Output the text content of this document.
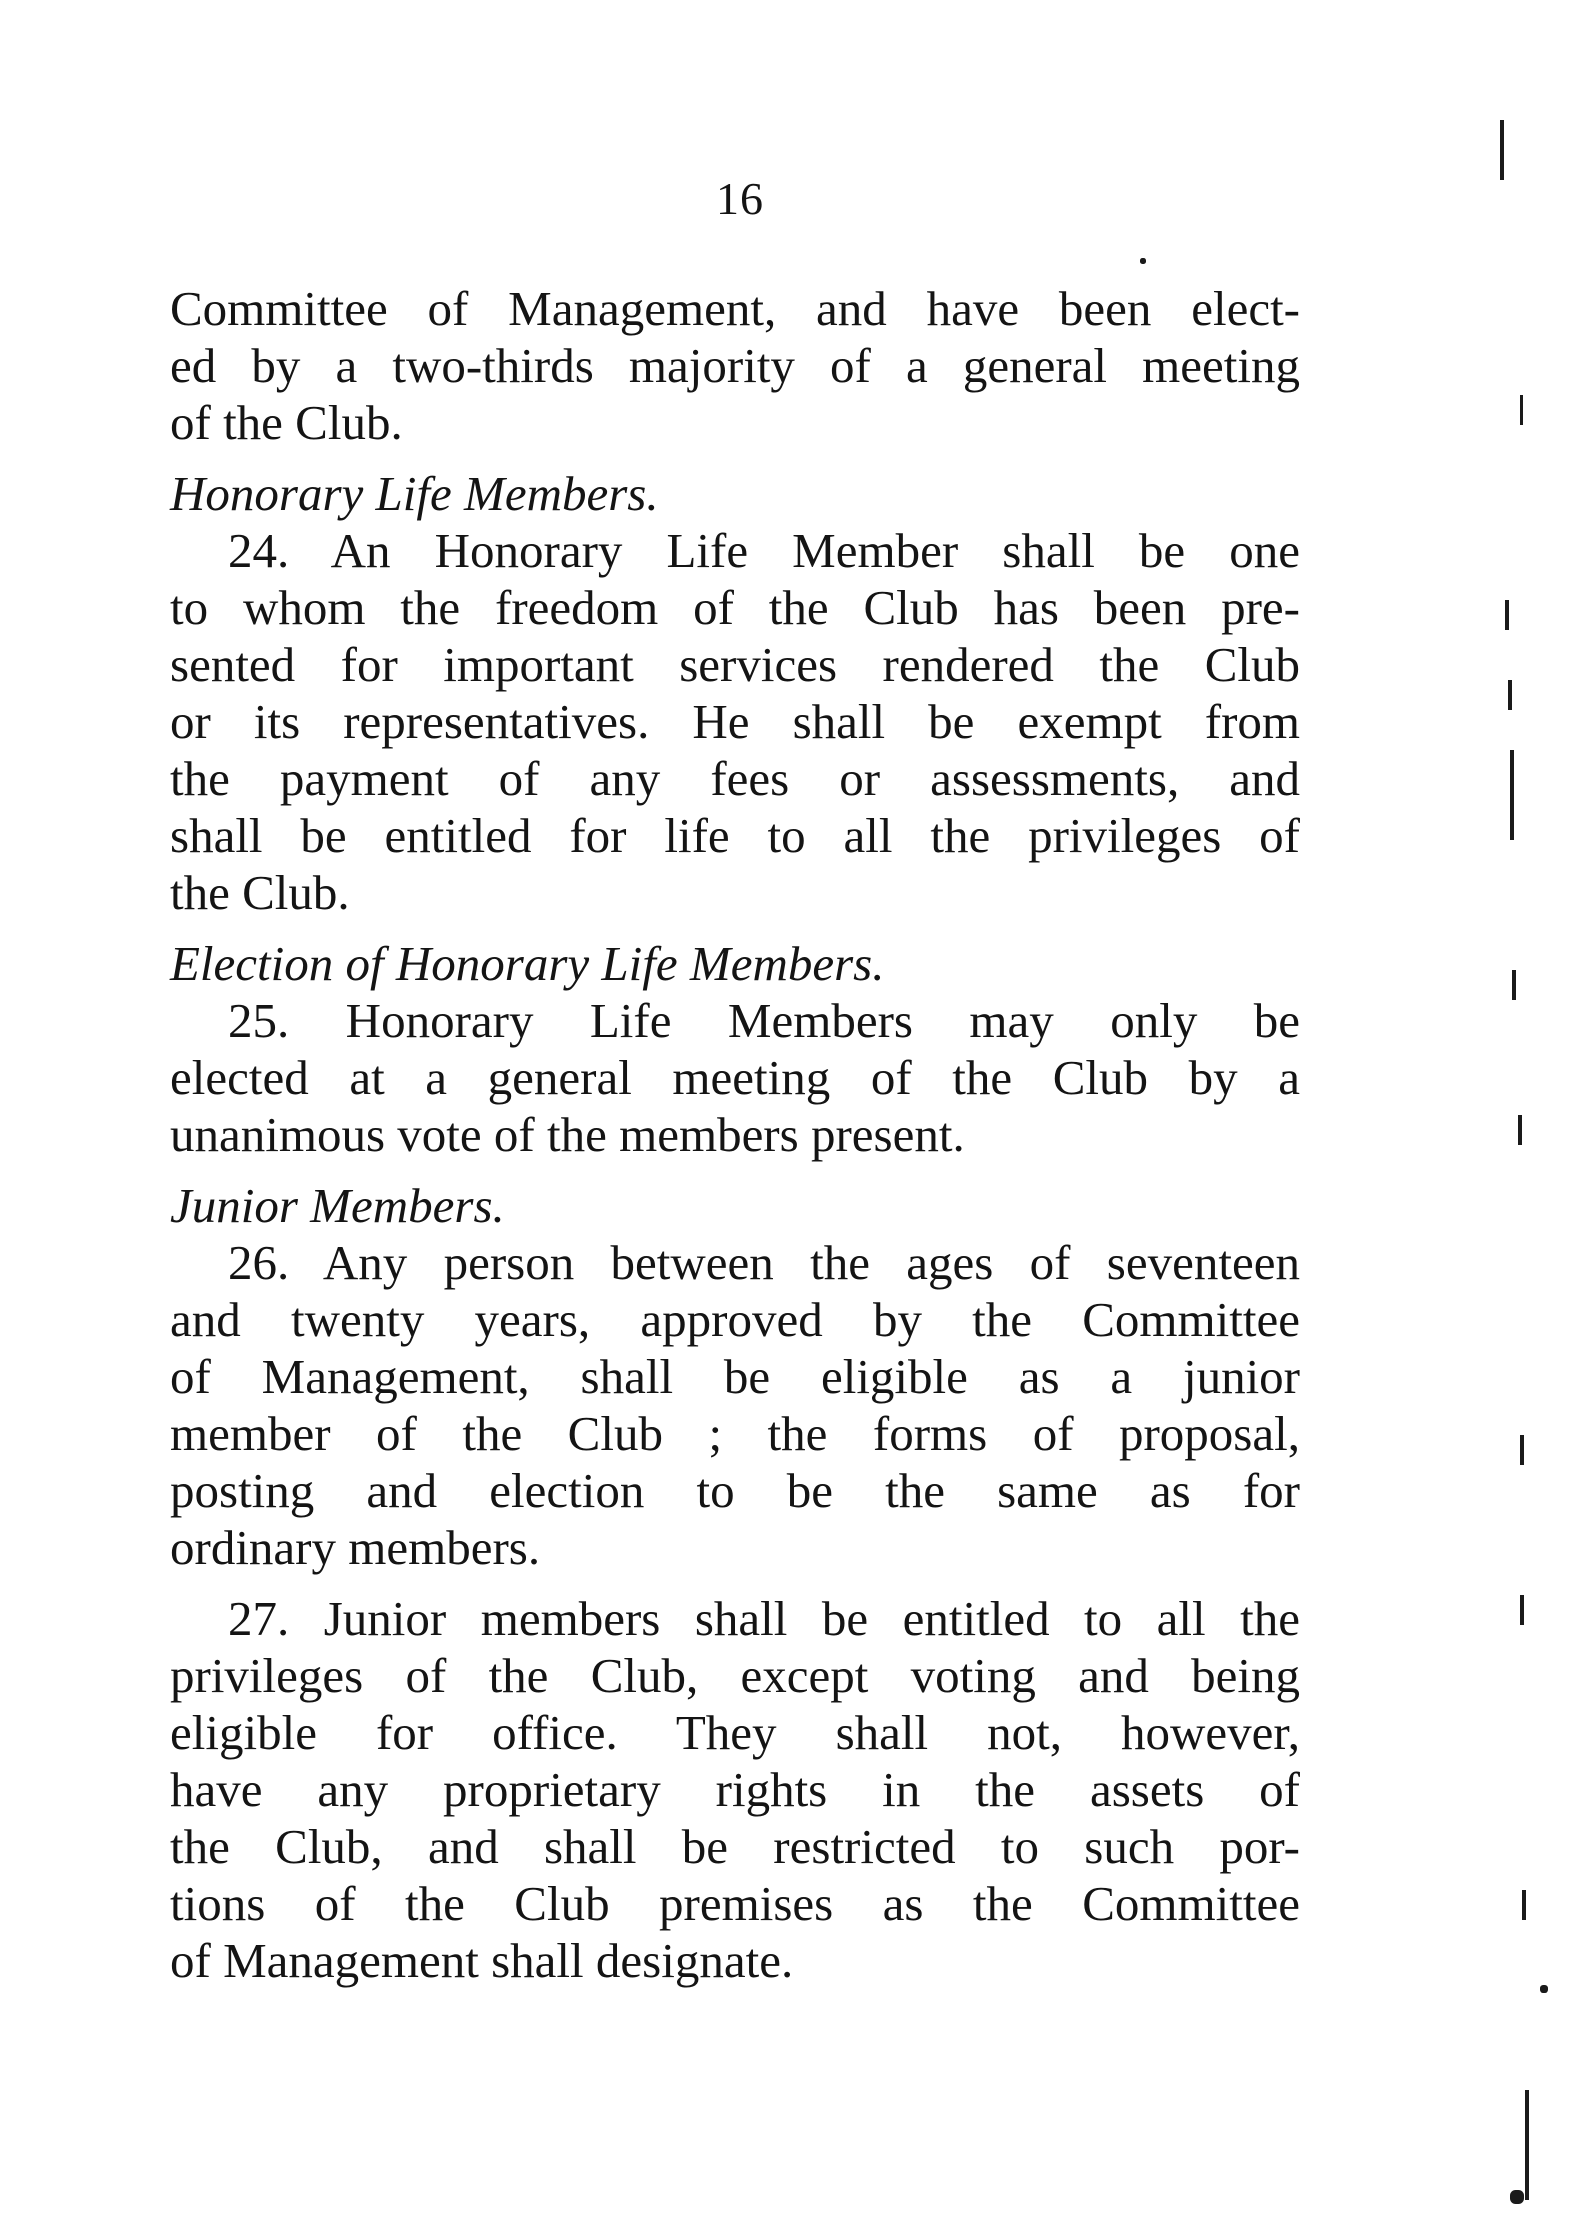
16

Committee of Management, and have been elect-
ed by a two-thirds majority of a general meeting
of the Club.

Honorary Life Members.

24. An Honorary Life Member shall be one
to whom the freedom of the Club has been pre-
sented for important services rendered the Club
or its representatives. He shall be exempt from
the payment of any fees or assessments, and
shall be entitled for life to all the privileges of
the Club.

Election of Honorary Life Members.

25. Honorary Life Members may only be
elected at a general meeting of the Club by a
unanimous vote of the members present.

Junior Members.

26. Any person between the ages of seventeen
and twenty years, approved by the Committee
of Management, shall be eligible as a junior
member of the Club ; the forms of proposal,
posting and election to be the same as for
ordinary members.

27. Junior members shall be entitled to all the
privileges of the Club, except voting and being
eligible for office. They shall not, however,
have any proprietary rights in the assets of
the Club, and shall be restricted to such por-
tions of the Club premises as the Committee
of Management shall designate.
